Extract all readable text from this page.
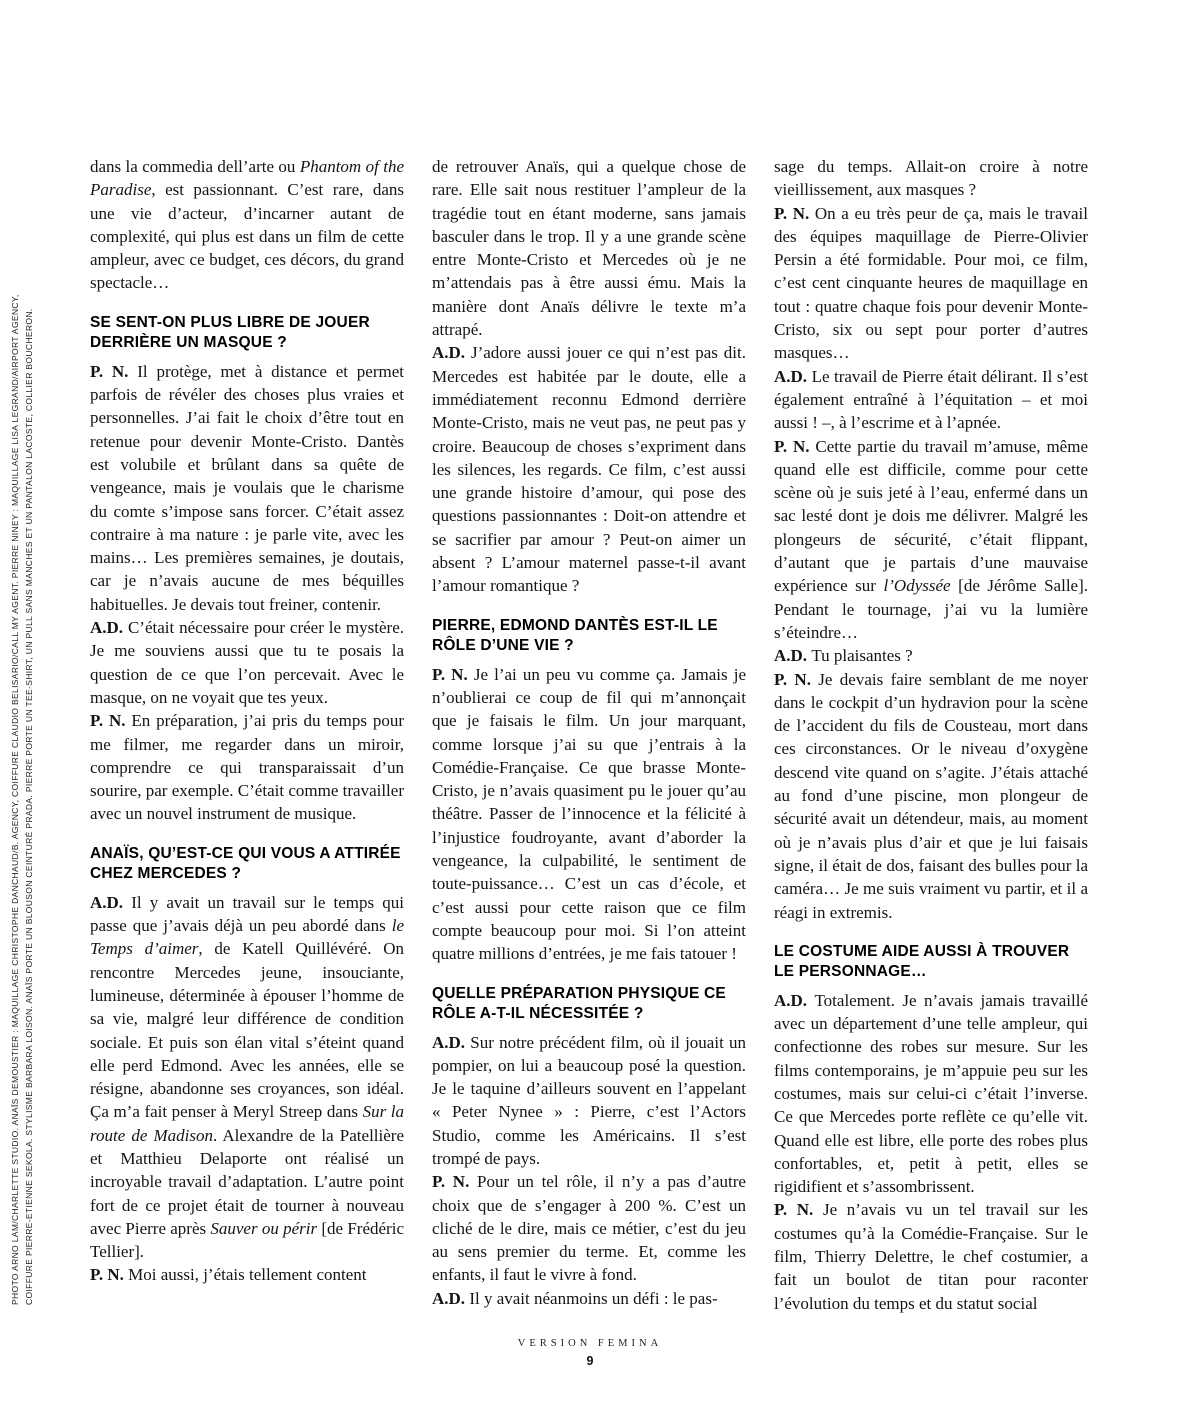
PHOTO ARNO LAM/CHARLETTE STUDIO. ANAÏS DEMOUSTIER : MAQUILLAGE CHRISTOPHE DANCHAUD/B. AGENCY, COIFFURE CLAUDIO BELISARIO/CALL MY AGENT. PIERRE NINEY : MAQUILLAGE LISA LEGRAND/AIRPORT AGENCY, COIFFURE PIERRE-ETIENNE SEKOLA. STYLISME BARBARA LOISON. ANAÏS PORTE UN BLOUSON CEINTURÉ PRADA. PIERRE PORTE UN TEE-SHIRT, UN PULL SANS MANCHES ET UN PANTALON LACOSTE, COLLIER BOUCHERON.

dans la commedia dell’arte ou Phantom of the Paradise, est passionnant. C’est rare, dans une vie d’acteur, d’incarner autant de complexité, qui plus est dans un film de cette ampleur, avec ce budget, ces décors, du grand spectacle…

SE SENT-ON PLUS LIBRE DE JOUER DERRIÈRE UN MASQUE ?

P. N. Il protège, met à distance et permet parfois de révéler des choses plus vraies et personnelles. J’ai fait le choix d’être tout en retenue pour devenir Monte-Cristo. Dantès est volubile et brûlant dans sa quête de vengeance, mais je voulais que le charisme du comte s’impose sans forcer. C’était assez contraire à ma nature : je parle vite, avec les mains… Les premières semaines, je doutais, car je n’avais aucune de mes béquilles habituelles. Je devais tout freiner, contenir.

A.D. C’était nécessaire pour créer le mystère. Je me souviens aussi que tu te posais la question de ce que l’on percevait. Avec le masque, on ne voyait que tes yeux.

P. N. En préparation, j’ai pris du temps pour me filmer, me regarder dans un miroir, comprendre ce qui transparaissait d’un sourire, par exemple. C’était comme travailler avec un nouvel instrument de musique.

ANAÏS, QU’EST-CE QUI VOUS A ATTIRÉE CHEZ MERCEDES ?

A.D. Il y avait un travail sur le temps qui passe que j’avais déjà un peu abordé dans le Temps d’aimer, de Katell Quillévéré. On rencontre Mercedes jeune, insouciante, lumineuse, déterminée à épouser l’homme de sa vie, malgré leur différence de condition sociale. Et puis son élan vital s’éteint quand elle perd Edmond. Avec les années, elle se résigne, abandonne ses croyances, son idéal. Ça m’a fait penser à Meryl Streep dans Sur la route de Madison. Alexandre de la Patellière et Matthieu Delaporte ont réalisé un incroyable travail d’adaptation. L’autre point fort de ce projet était de tourner à nouveau avec Pierre après Sauver ou périr [de Frédéric Tellier].

P. N. Moi aussi, j’étais tellement content

de retrouver Anaïs, qui a quelque chose de rare. Elle sait nous restituer l’ampleur de la tragédie tout en étant moderne, sans jamais basculer dans le trop. Il y a une grande scène entre Monte-Cristo et Mercedes où je ne m’attendais pas à être aussi ému. Mais la manière dont Anaïs délivre le texte m’a attrapé.

A.D. J’adore aussi jouer ce qui n’est pas dit. Mercedes est habitée par le doute, elle a immédiatement reconnu Edmond derrière Monte-Cristo, mais ne veut pas, ne peut pas y croire. Beaucoup de choses s’expriment dans les silences, les regards. Ce film, c’est aussi une grande histoire d’amour, qui pose des questions passionnantes : Doit-on attendre et se sacrifier par amour ? Peut-on aimer un absent ? L’amour maternel passe-t-il avant l’amour romantique ?

PIERRE, EDMOND DANTÈS EST-IL LE RÔLE D’UNE VIE ?

P. N. Je l’ai un peu vu comme ça. Jamais je n’oublierai ce coup de fil qui m’annonçait que je faisais le film. Un jour marquant, comme lorsque j’ai su que j’entrais à la Comédie-Française. Ce que brasse Monte-Cristo, je n’avais quasiment pu le jouer qu’au théâtre. Passer de l’innocence et la félicité à l’injustice foudroyante, avant d’aborder la vengeance, la culpabilité, le sentiment de toute-puissance… C’est un cas d’école, et c’est aussi pour cette raison que ce film compte beaucoup pour moi. Si l’on atteint quatre millions d’entrées, je me fais tatouer !

QUELLE PRÉPARATION PHYSIQUE CE RÔLE A-T-IL NÉCESSITÉE ?

A.D. Sur notre précédent film, où il jouait un pompier, on lui a beaucoup posé la question. Je le taquine d’ailleurs souvent en l’appelant « Peter Nynee » : Pierre, c’est l’Actors Studio, comme les Américains. Il s’est trompé de pays.

P. N. Pour un tel rôle, il n’y a pas d’autre choix que de s’engager à 200 %. C’est un cliché de le dire, mais ce métier, c’est du jeu au sens premier du terme. Et, comme les enfants, il faut le vivre à fond.

A.D. Il y avait néanmoins un défi : le pas-

sage du temps. Allait-on croire à notre vieillissement, aux masques ?

P. N. On a eu très peur de ça, mais le travail des équipes maquillage de Pierre-Olivier Persin a été formidable. Pour moi, ce film, c’est cent cinquante heures de maquillage en tout : quatre chaque fois pour devenir Monte-Cristo, six ou sept pour porter d’autres masques…

A.D. Le travail de Pierre était délirant. Il s’est également entraîné à l’équitation – et moi aussi ! –, à l’escrime et à l’apnée.

P. N. Cette partie du travail m’amuse, même quand elle est difficile, comme pour cette scène où je suis jeté à l’eau, enfermé dans un sac lesté dont je dois me délivrer. Malgré les plongeurs de sécurité, c’était flippant, d’autant que je partais d’une mauvaise expérience sur l’Odyssée [de Jérôme Salle]. Pendant le tournage, j’ai vu la lumière s’éteindre…

A.D. Tu plaisantes ?

P. N. Je devais faire semblant de me noyer dans le cockpit d’un hydravion pour la scène de l’accident du fils de Cousteau, mort dans ces circonstances. Or le niveau d’oxygène descend vite quand on s’agite. J’étais attaché au fond d’une piscine, mon plongeur de sécurité avait un détendeur, mais, au moment où je n’avais plus d’air et que je lui faisais signe, il était de dos, faisant des bulles pour la caméra… Je me suis vraiment vu partir, et il a réagi in extremis.

LE COSTUME AIDE AUSSI À TROUVER LE PERSONNAGE…

A.D. Totalement. Je n’avais jamais travaillé avec un département d’une telle ampleur, qui confectionne des robes sur mesure. Sur les films contemporains, je m’appuie peu sur les costumes, mais sur celui-ci c’était l’inverse. Ce que Mercedes porte reflète ce qu’elle vit. Quand elle est libre, elle porte des robes plus confortables, et, petit à petit, elles se rigidifient et s’assombrissent.

P. N. Je n’avais vu un tel travail sur les costumes qu’à la Comédie-Française. Sur le film, Thierry Delettre, le chef costumier, a fait un boulot de titan pour raconter l’évolution du temps et du statut social

VERSION FEMINA
9
